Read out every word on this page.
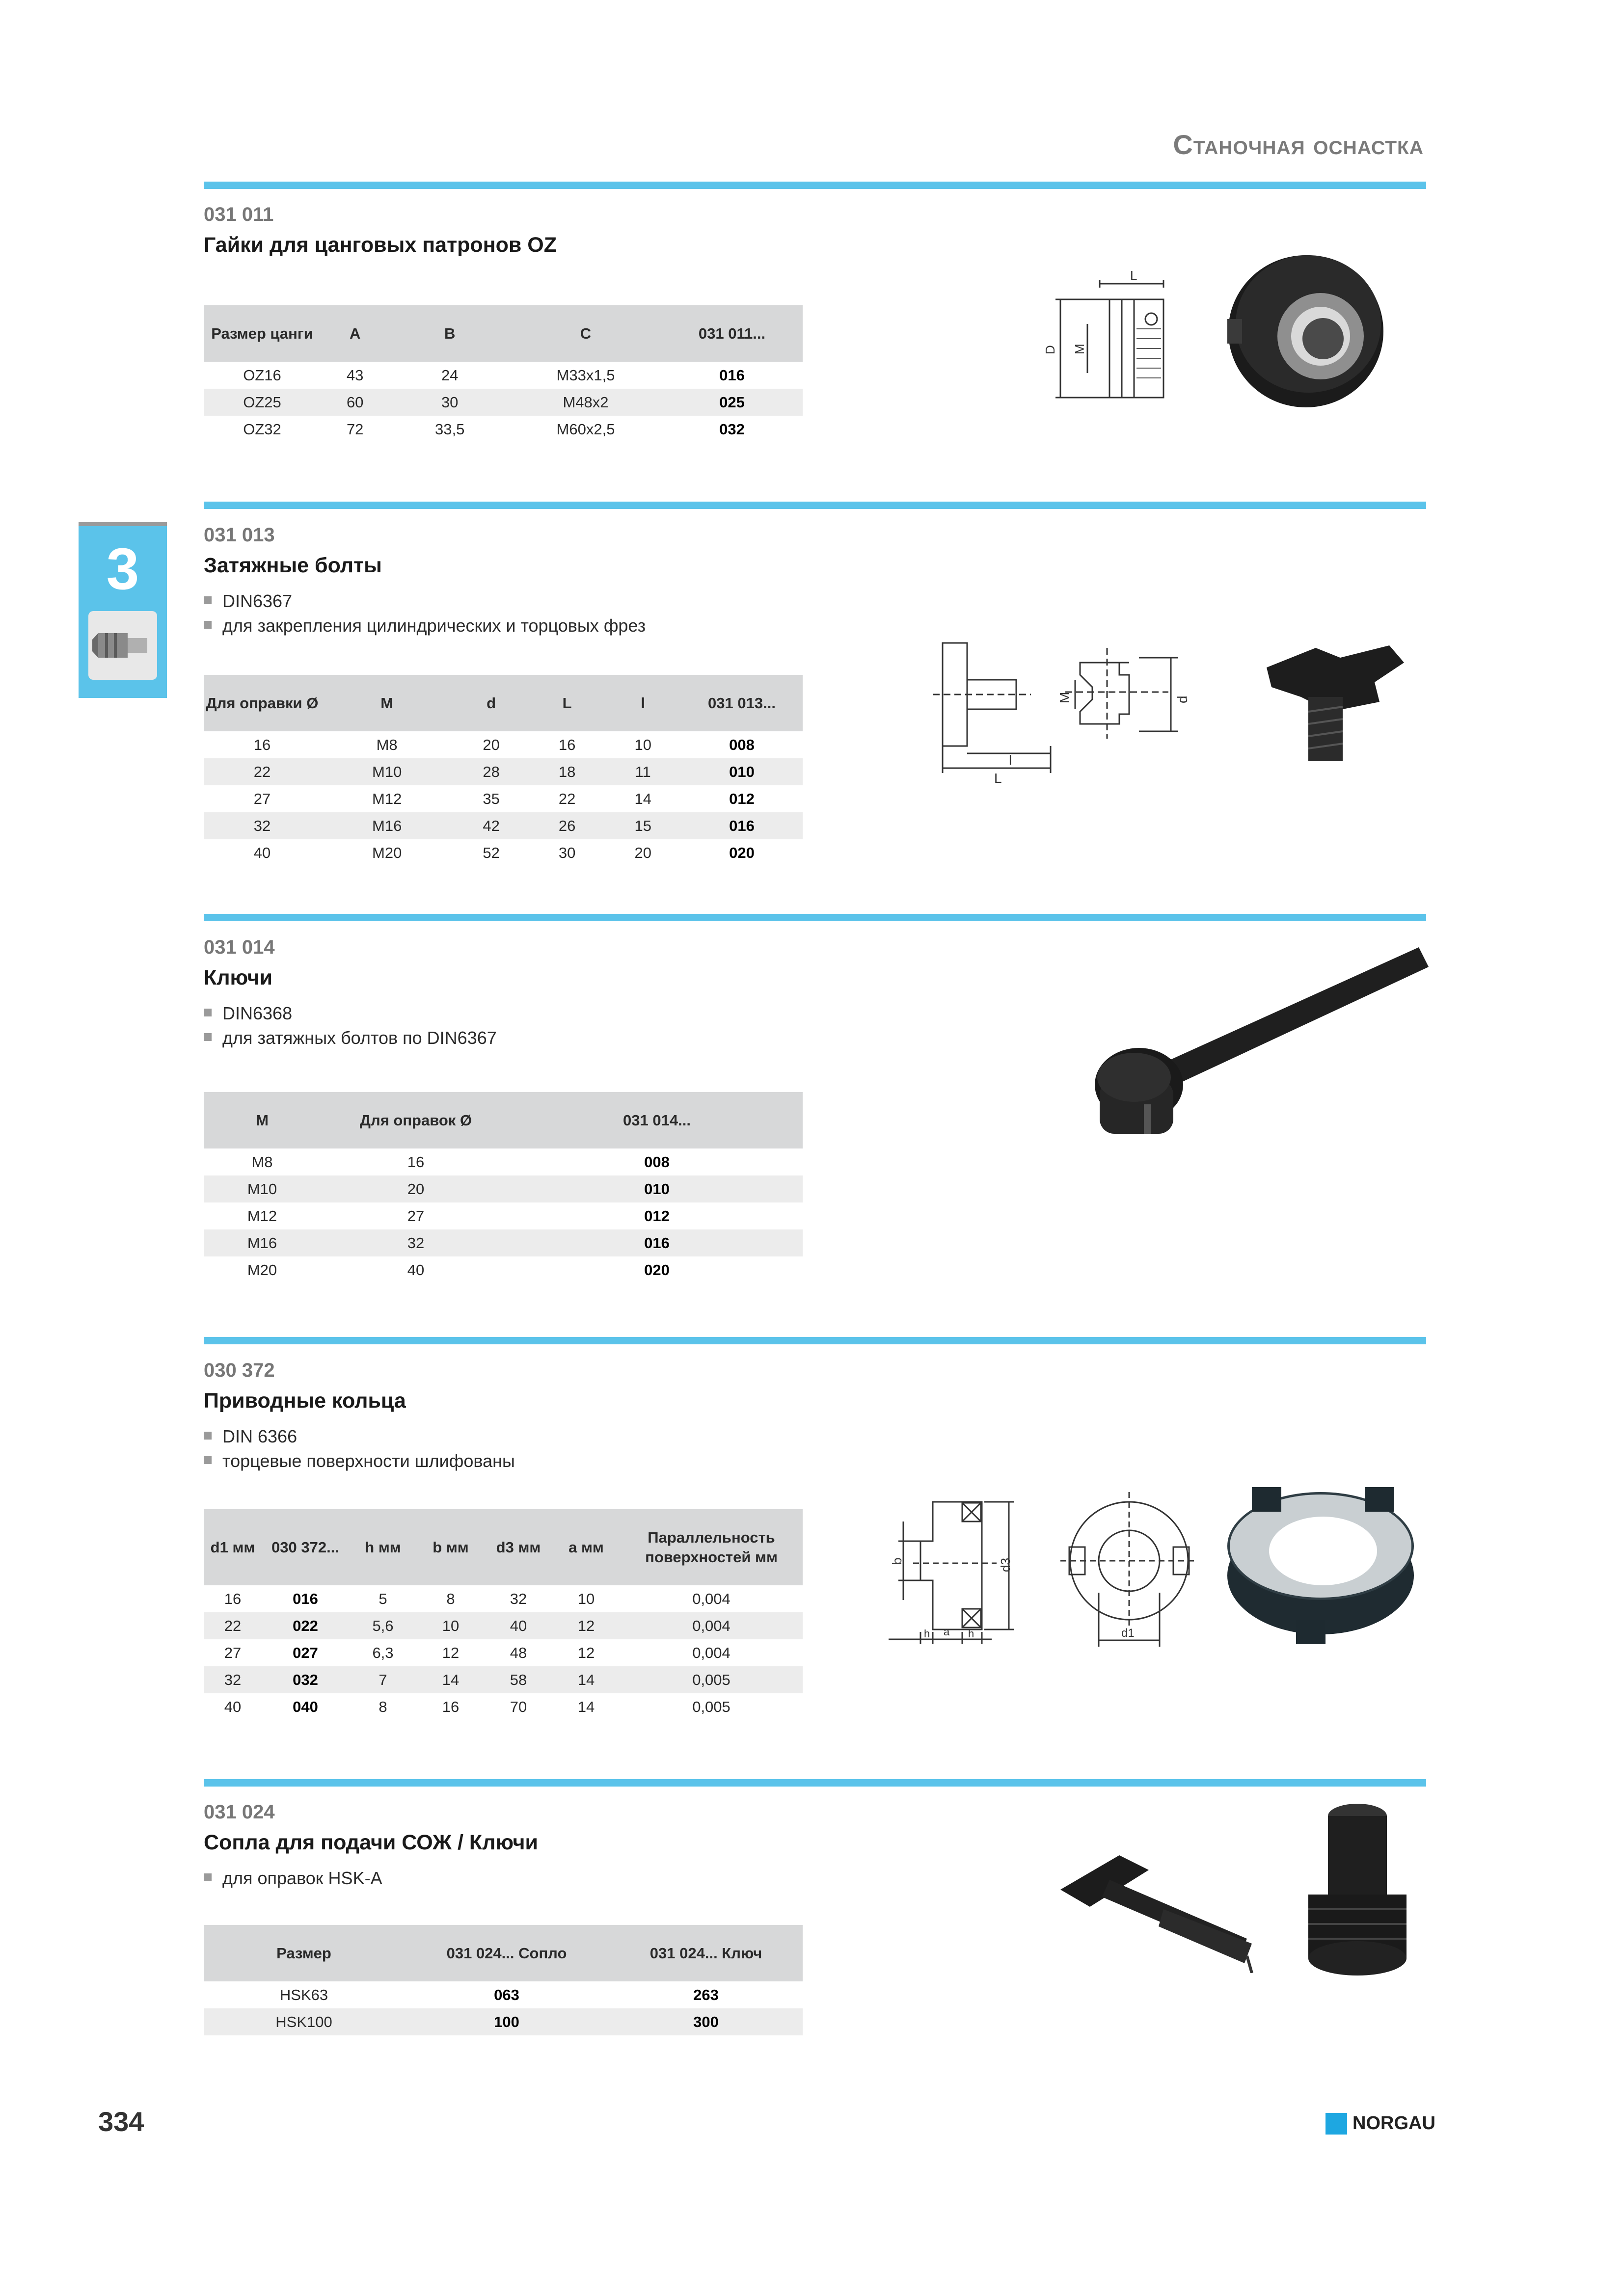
Станочная оснастка
3
031 011
Гайки для цанговых патронов OZ
Размер цанги	A	B	C	031 011...
OZ16	43	24	M33x1,5	016
OZ25	60	30	M48x2	025
OZ32	72	33,5	M60x2,5	032
L
D M
031 013
Затяжные болты
DIN6367
для закрепления цилиндрических и торцовых фрез
Для оправки Ø	M	d	L	l	031 013...
16	M8	20	16	10	008
22	M10	28	18	11	010
27	M12	35	22	14	012
32	M16	42	26	15	016
40	M20	52	30	20	020
l
L
M	d
031 014
Ключи
DIN6368
для затяжных болтов по DIN6367
M	Для оправок Ø	031 014...
M8	16	008
M10	20	010
M12	27	012
M16	32	016
M20	40	020
030 372
Приводные кольца
DIN 6366
торцевые поверхности шлифованы
d1 мм	030 372...	h мм	b мм	d3 мм	a мм	Параллельность поверхностей мм
16	016	5	8	32	10	0,004
22	022	5,6	10	40	12	0,004
27	027	6,3	12	48	12	0,004
32	032	7	14	58	14	0,005
40	040	8	16	70	14	0,005
b	d3
h a h	d1
031 024
Сопла для подачи СОЖ / Ключи
для оправок HSK-A
Размер	031 024... Сопло	031 024... Ключ
HSK63	063	263
HSK100	100	300
334	NORGAU
